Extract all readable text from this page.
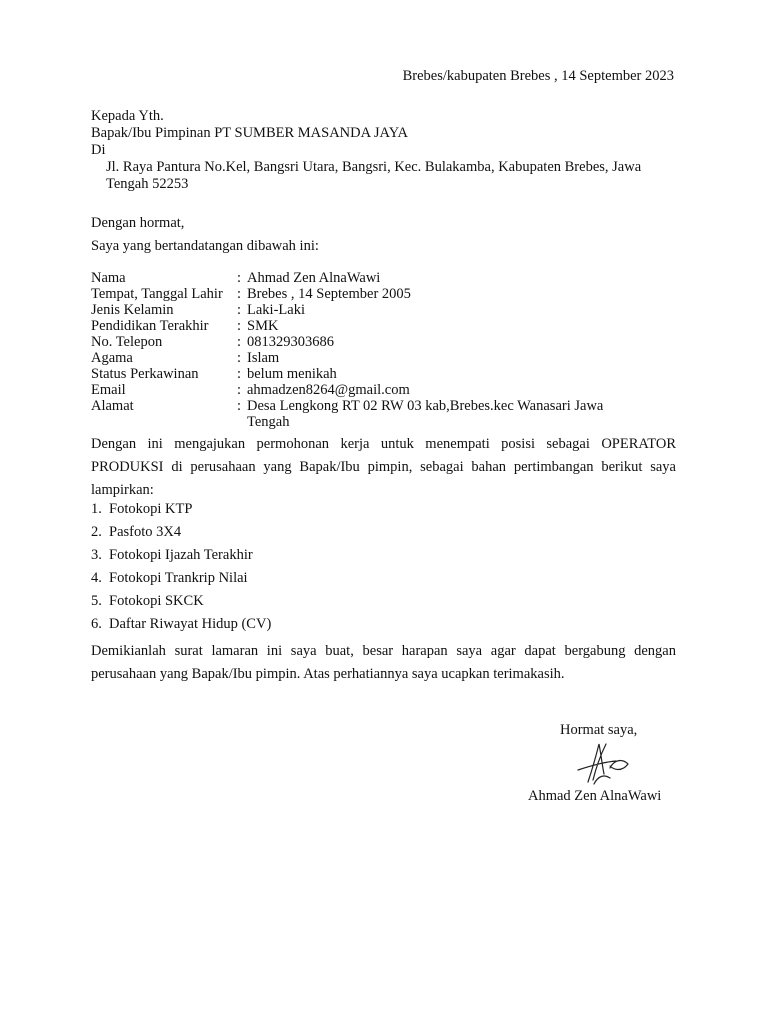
Brebes/kabupaten Brebes , 14 September 2023
Kepada Yth.
Bapak/Ibu Pimpinan PT SUMBER MASANDA JAYA
Di
Jl. Raya Pantura No.Kel, Bangsri Utara, Bangsri, Kec. Bulakamba, Kabupaten Brebes, Jawa Tengah 52253
Dengan hormat,
Saya yang bertandatangan dibawah ini:
Nama	: Ahmad Zen AlnaWawi
Tempat, Tanggal Lahir : Brebes , 14 September 2005
Jenis Kelamin	: Laki-Laki
Pendidikan Terakhir	: SMK
No. Telepon	: 081329303686
Agama	: Islam
Status Perkawinan	: belum menikah
Email	: ahmadzen8264@gmail.com
Alamat	: Desa Lengkong RT 02 RW 03 kab,Brebes.kec Wanasari Jawa Tengah
Dengan ini mengajukan permohonan kerja untuk menempati posisi sebagai OPERATOR PRODUKSI di perusahaan yang Bapak/Ibu pimpin, sebagai bahan pertimbangan berikut saya lampirkan:
1. Fotokopi KTP
2. Pasfoto 3X4
3. Fotokopi Ijazah Terakhir
4. Fotokopi Trankrip Nilai
5. Fotokopi SKCK
6. Daftar Riwayat Hidup (CV)
Demikianlah surat lamaran ini saya buat, besar harapan saya agar dapat bergabung dengan perusahaan yang Bapak/Ibu pimpin. Atas perhatiannya saya ucapkan terimakasih.
Hormat saya,
Ahmad Zen AlnaWawi
